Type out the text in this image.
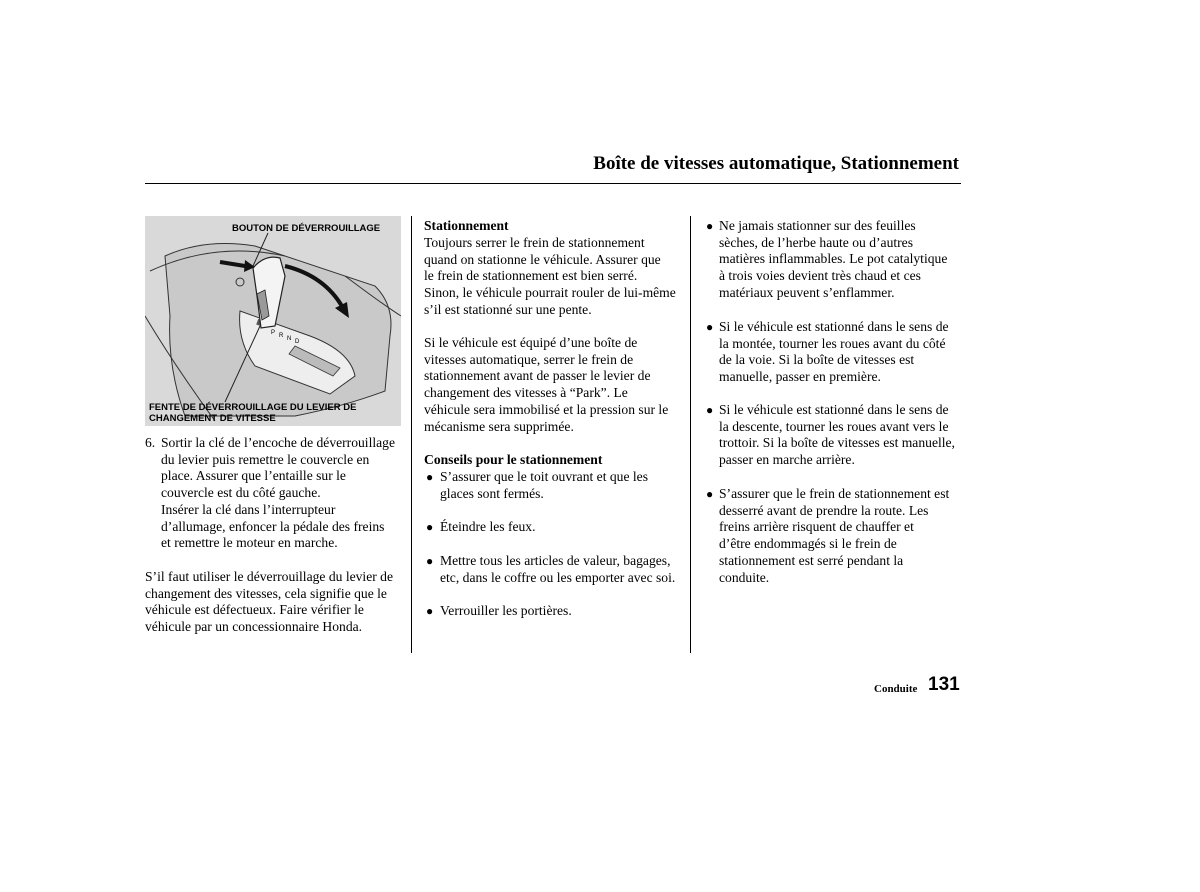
Boîte de vitesses automatique, Stationnement
P R N D
BOUTON DE DÉVERROUILLAGE
FENTE DE DÉVERROUILLAGE DU LEVIER DE
CHANGEMENT DE VITESSE
6. Sortir la clé de l’encoche de déverrouillage
du levier puis remettre le couvercle en
place. Assurer que l’entaille sur le
couvercle est du côté gauche.
Insérer la clé dans l’interrupteur
d’allumage, enfoncer la pédale des freins
et remettre le moteur en marche.
S’il faut utiliser le déverrouillage du levier de
changement des vitesses, cela signifie que le
véhicule est défectueux. Faire vérifier le
véhicule par un concessionnaire Honda.
Stationnement
Toujours serrer le frein de stationnement
quand on stationne le véhicule. Assurer que
le frein de stationnement est bien serré.
Sinon, le véhicule pourrait rouler de lui-même
s’il est stationné sur une pente.
Si le véhicule est équipé d’une boîte de
vitesses automatique, serrer le frein de
stationnement avant de passer le levier de
changement des vitesses à “Park”. Le
véhicule sera immobilisé et la pression sur le
mécanisme sera supprimée.
Conseils pour le stationnement
● S’assurer que le toit ouvrant et que les
glaces sont fermés.
● Éteindre les feux.
● Mettre tous les articles de valeur, bagages,
etc, dans le coffre ou les emporter avec soi.
● Verrouiller les portières.
● Ne jamais stationner sur des feuilles
sèches, de l’herbe haute ou d’autres
matières inflammables. Le pot catalytique
à trois voies devient très chaud et ces
matériaux peuvent s’enflammer.
● Si le véhicule est stationné dans le sens de
la montée, tourner les roues avant du côté
de la voie. Si la boîte de vitesses est
manuelle, passer en première.
● Si le véhicule est stationné dans le sens de
la descente, tourner les roues avant vers le
trottoir. Si la boîte de vitesses est manuelle,
passer en marche arrière.
● S’assurer que le frein de stationnement est
desserré avant de prendre la route. Les
freins arrière risquent de chauffer et
d’être endommagés si le frein de
stationnement est serré pendant la
conduite.
Conduite 131
